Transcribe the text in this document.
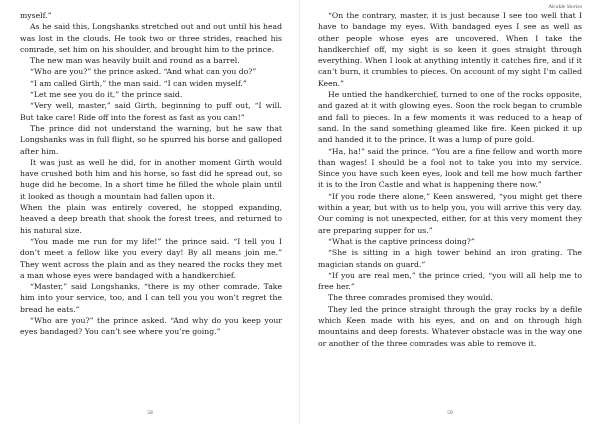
myself.”

As he said this, Longshanks stretched out and out until his head was lost in the clouds. He took two or three strides, reached his comrade, set him on his shoulder, and brought him to the prince.

The new man was heavily built and round as a barrel.

“Who are you?” the prince asked. “And what can you do?”

“I am called Girth,” the man said. “I can widen myself.”

“Let me see you do it,” the prince said.

“Very well, master,” said Girth, beginning to puff out, “I will. But take care! Ride off into the forest as fast as you can!”

The prince did not understand the warning, but he saw that Longshanks was in full flight, so he spurred his horse and galloped after him.

It was just as well he did, for in another moment Girth would have crushed both him and his horse, so fast did he spread out, so huge did he become. In a short time he filled the whole plain until it looked as though a mountain had fallen upon it.

When the plain was entirely covered, he stopped expanding, heaved a deep breath that shook the forest trees, and returned to his natural size.

“You made me run for my life!” the prince said. “I tell you I don’t meet a fellow like you every day! By all means join me.” They went across the plain and as they neared the rocks they met a man whose eyes were bandaged with a handkerchief.

“Master,” said Longshanks, “there is my other comrade. Take him into your service, too, and I can tell you you won’t regret the bread he eats.”

“Who are you?” the prince asked. “And why do you keep your eyes bandaged? You can’t see where you’re going.”

58
Alcalde Stories

“On the contrary, master, it is just because I see too well that I have to bandage my eyes. With bandaged eyes I see as well as other people whose eyes are uncovered. When I take the handkerchief off, my sight is so keen it goes straight through everything. When I look at anything intently it catches fire, and if it can’t burn, it crumbles to pieces. On account of my sight I’m called Keen.”

He untied the handkerchief, turned to one of the rocks opposite, and gazed at it with glowing eyes. Soon the rock began to crumble and fall to pieces. In a few moments it was reduced to a heap of sand. In the sand something gleamed like fire. Keen picked it up and handed it to the prince. It was a lump of pure gold.

“Ha, ha!” said the prince. “You are a fine fellow and worth more than wages! I should be a fool not to take you into my service. Since you have such keen eyes, look and tell me how much farther it is to the Iron Castle and what is happening there now.”

“If you rode there alone,” Keen answered, “you might get there within a year, but with us to help you, you will arrive this very day. Our coming is not unexpected, either, for at this very moment they are preparing supper for us.”

“What is the captive princess doing?”

“She is sitting in a high tower behind an iron grating. The magician stands on guard.”

“If you are real men,” the prince cried, “you will all help me to free her.”

The three comrades promised they would.

They led the prince straight through the gray rocks by a defile which Keen made with his eyes, and on and on through high mountains and deep forests. Whatever obstacle was in the way one or another of the three comrades was able to remove it.

59
